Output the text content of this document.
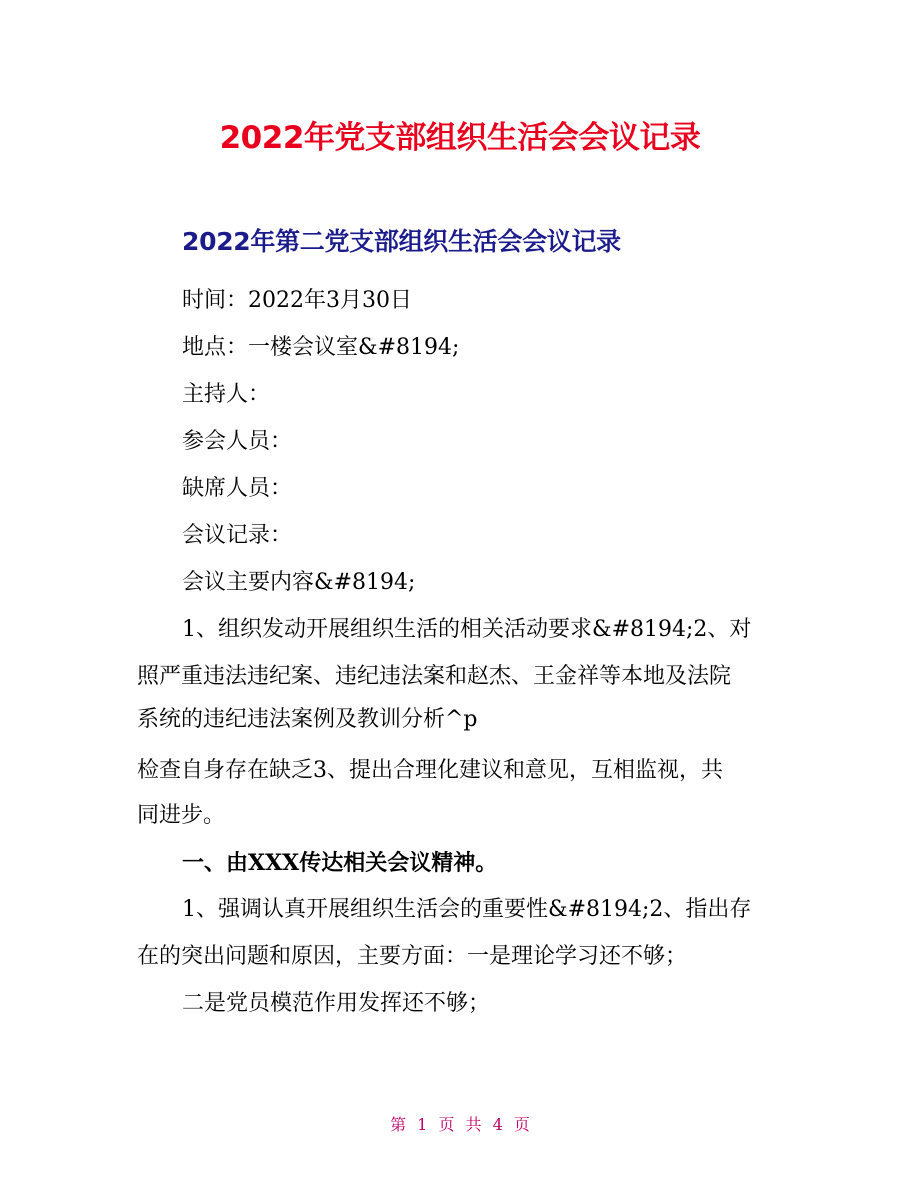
2022年党支部组织生活会会议记录
2022年第二党支部组织生活会会议记录
时间：2022年3月30日
地点：一楼会议室&#8194;
主持人：
参会人员：
缺席人员：
会议记录：
会议主要内容&#8194;
1、组织发动开展组织生活的相关活动要求&#8194;2、对
照严重违法违纪案、违纪违法案和赵杰、王金祥等本地及法院
系统的违纪违法案例及教训分析^p
检查自身存在缺乏3、提出合理化建议和意见，互相监视，共
同进步。
一、由XXX传达相关会议精神。
1、强调认真开展组织生活会的重要性&#8194;2、指出存
在的突出问题和原因，主要方面：一是理论学习还不够；
二是党员模范作用发挥还不够；
第 1 页 共 4 页
